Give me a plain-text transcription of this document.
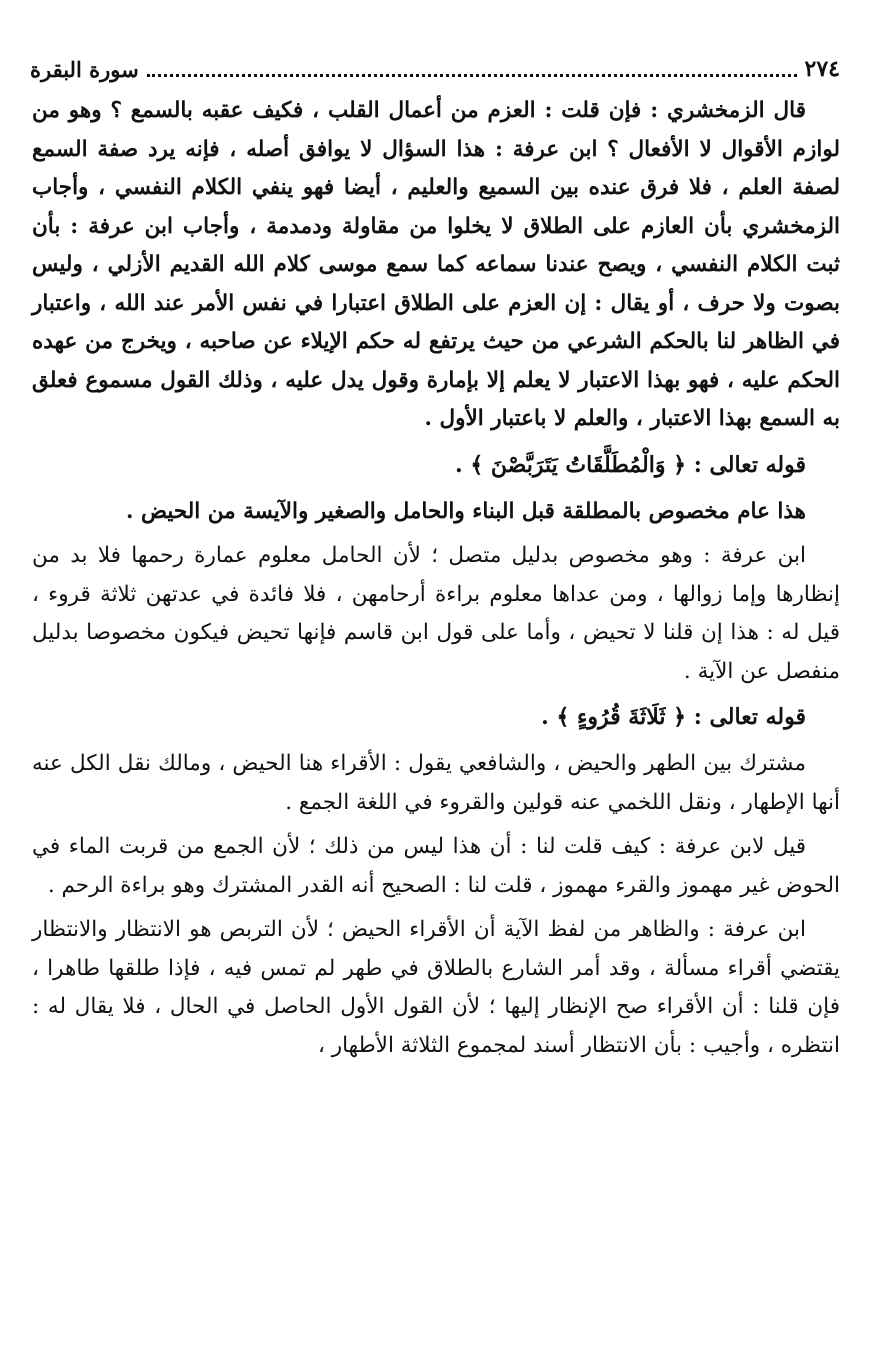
٢٧٤
سورة البقرة

قال الزمخشري : فإن قلت : العزم من أعمال القلب ، فكيف عقبه بالسمع ؟ وهو من لوازم الأقوال لا الأفعال ؟ ابن عرفة : هذا السؤال لا يوافق أصله ، فإنه يرد صفة السمع لصفة العلم ، فلا فرق عنده بين السميع والعليم ، أيضا فهو ينفي الكلام النفسي ، وأجاب الزمخشري بأن العازم على الطلاق لا يخلوا من مقاولة ودمدمة ، وأجاب ابن عرفة : بأن ثبت الكلام النفسي ، ويصح عندنا سماعه كما سمع موسى كلام الله القديم الأزلي ، وليس بصوت ولا حرف ، أو يقال : إن العزم على الطلاق اعتبارا في نفس الأمر عند الله ، واعتبار في الظاهر لنا بالحكم الشرعي من حيث يرتفع له حكم الإيلاء عن صاحبه ، ويخرج من عهده الحكم عليه ، فهو بهذا الاعتبار لا يعلم إلا بإمارة وقول يدل عليه ، وذلك القول مسموع فعلق به السمع بهذا الاعتبار ، والعلم لا باعتبار الأول .

قوله تعالى : ﴿ وَالْمُطَلَّقَاتُ يَتَرَبَّصْنَ ﴾ .

هذا عام مخصوص بالمطلقة قبل البناء والحامل والصغير والآيسة من الحيض .

ابن عرفة : وهو مخصوص بدليل متصل ؛ لأن الحامل معلوم عمارة رحمها فلا بد من إنظارها وإما زوالها ، ومن عداها معلوم براءة أرحامهن ، فلا فائدة في عدتهن ثلاثة قروء ، قيل له : هذا إن قلنا لا تحيض ، وأما على قول ابن قاسم فإنها تحيض فيكون مخصوصا بدليل منفصل عن الآية .

قوله تعالى : ﴿ ثَلَاثَةَ قُرُوءٍ ﴾ .

مشترك بين الطهر والحيض ، والشافعي يقول : الأقراء هنا الحيض ، ومالك نقل الكل عنه أنها الإطهار ، ونقل اللخمي عنه قولين والقروء في اللغة الجمع .

قيل لابن عرفة : كيف قلت لنا : أن هذا ليس من ذلك ؛ لأن الجمع من قربت الماء في الحوض غير مهموز والقرء مهموز ، قلت لنا : الصحيح أنه القدر المشترك وهو براءة الرحم .

ابن عرفة : والظاهر من لفظ الآية أن الأقراء الحيض ؛ لأن التربص هو الانتظار والانتظار يقتضي أقراء مسألة ، وقد أمر الشارع بالطلاق في طهر لم تمس فيه ، فإذا طلقها طاهرا ، فإن قلنا : أن الأقراء صح الإنظار إليها ؛ لأن القول الأول الحاصل في الحال ، فلا يقال له : انتظره ، وأجيب : بأن الانتظار أسند لمجموع الثلاثة الأطهار ،
